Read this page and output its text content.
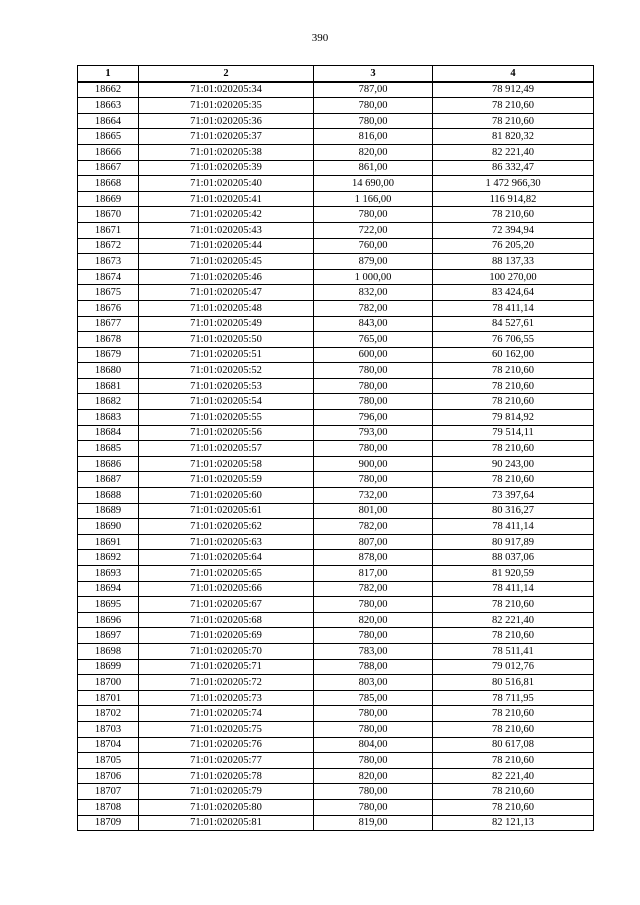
390
1	2	3	4
18662	71:01:020205:34	787,00	78 912,49
18663	71:01:020205:35	780,00	78 210,60
18664	71:01:020205:36	780,00	78 210,60
18665	71:01:020205:37	816,00	81 820,32
18666	71:01:020205:38	820,00	82 221,40
18667	71:01:020205:39	861,00	86 332,47
18668	71:01:020205:40	14 690,00	1 472 966,30
18669	71:01:020205:41	1 166,00	116 914,82
18670	71:01:020205:42	780,00	78 210,60
18671	71:01:020205:43	722,00	72 394,94
18672	71:01:020205:44	760,00	76 205,20
18673	71:01:020205:45	879,00	88 137,33
18674	71:01:020205:46	1 000,00	100 270,00
18675	71:01:020205:47	832,00	83 424,64
18676	71:01:020205:48	782,00	78 411,14
18677	71:01:020205:49	843,00	84 527,61
18678	71:01:020205:50	765,00	76 706,55
18679	71:01:020205:51	600,00	60 162,00
18680	71:01:020205:52	780,00	78 210,60
18681	71:01:020205:53	780,00	78 210,60
18682	71:01:020205:54	780,00	78 210,60
18683	71:01:020205:55	796,00	79 814,92
18684	71:01:020205:56	793,00	79 514,11
18685	71:01:020205:57	780,00	78 210,60
18686	71:01:020205:58	900,00	90 243,00
18687	71:01:020205:59	780,00	78 210,60
18688	71:01:020205:60	732,00	73 397,64
18689	71:01:020205:61	801,00	80 316,27
18690	71:01:020205:62	782,00	78 411,14
18691	71:01:020205:63	807,00	80 917,89
18692	71:01:020205:64	878,00	88 037,06
18693	71:01:020205:65	817,00	81 920,59
18694	71:01:020205:66	782,00	78 411,14
18695	71:01:020205:67	780,00	78 210,60
18696	71:01:020205:68	820,00	82 221,40
18697	71:01:020205:69	780,00	78 210,60
18698	71:01:020205:70	783,00	78 511,41
18699	71:01:020205:71	788,00	79 012,76
18700	71:01:020205:72	803,00	80 516,81
18701	71:01:020205:73	785,00	78 711,95
18702	71:01:020205:74	780,00	78 210,60
18703	71:01:020205:75	780,00	78 210,60
18704	71:01:020205:76	804,00	80 617,08
18705	71:01:020205:77	780,00	78 210,60
18706	71:01:020205:78	820,00	82 221,40
18707	71:01:020205:79	780,00	78 210,60
18708	71:01:020205:80	780,00	78 210,60
18709	71:01:020205:81	819,00	82 121,13
